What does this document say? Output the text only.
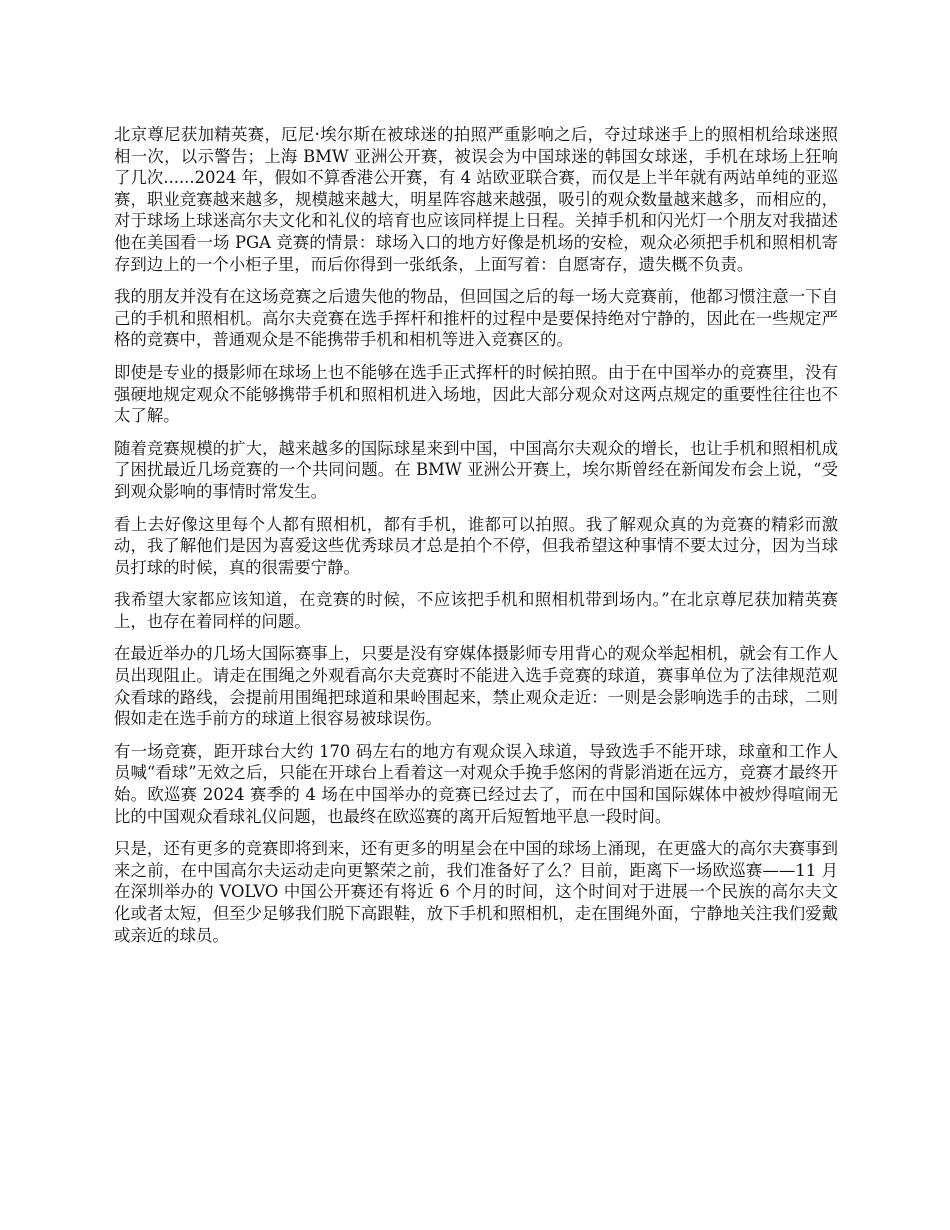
北京尊尼获加精英赛，厄尼·埃尔斯在被球迷的拍照严重影响之后，夺过球迷手上的照相机给球迷照相一次，以示警告；上海 BMW 亚洲公开赛，被误会为中国球迷的韩国女球迷，手机在球场上狂响了几次......2024 年，假如不算香港公开赛，有 4 站欧亚联合赛，而仅是上半年就有两站单纯的亚巡赛，职业竞赛越来越多，规模越来越大，明星阵容越来越强，吸引的观众数量越来越多，而相应的，对于球场上球迷高尔夫文化和礼仪的培育也应该同样提上日程。关掉手机和闪光灯一个朋友对我描述他在美国看一场 PGA 竞赛的情景：球场入口的地方好像是机场的安检，观众必须把手机和照相机寄存到边上的一个小柜子里，而后你得到一张纸条，上面写着：自愿寄存，遗失概不负责。

我的朋友并没有在这场竞赛之后遗失他的物品，但回国之后的每一场大竞赛前，他都习惯注意一下自己的手机和照相机。高尔夫竞赛在选手挥杆和推杆的过程中是要保持绝对宁静的，因此在一些规定严格的竞赛中，普通观众是不能携带手机和相机等进入竞赛区的。

即使是专业的摄影师在球场上也不能够在选手正式挥杆的时候拍照。由于在中国举办的竞赛里，没有强硬地规定观众不能够携带手机和照相机进入场地，因此大部分观众对这两点规定的重要性往往也不太了解。

随着竞赛规模的扩大，越来越多的国际球星来到中国，中国高尔夫观众的增长，也让手机和照相机成了困扰最近几场竞赛的一个共同问题。在 BMW 亚洲公开赛上，埃尔斯曾经在新闻发布会上说，“受到观众影响的事情时常发生。

看上去好像这里每个人都有照相机，都有手机，谁都可以拍照。我了解观众真的为竞赛的精彩而激动，我了解他们是因为喜爱这些优秀球员才总是拍个不停，但我希望这种事情不要太过分，因为当球员打球的时候，真的很需要宁静。

我希望大家都应该知道，在竞赛的时候，不应该把手机和照相机带到场内。”在北京尊尼获加精英赛上，也存在着同样的问题。

在最近举办的几场大国际赛事上，只要是没有穿媒体摄影师专用背心的观众举起相机，就会有工作人员出现阻止。请走在围绳之外观看高尔夫竞赛时不能进入选手竞赛的球道，赛事单位为了法律规范观众看球的路线，会提前用围绳把球道和果岭围起来，禁止观众走近：一则是会影响选手的击球，二则假如走在选手前方的球道上很容易被球误伤。

有一场竞赛，距开球台大约 170 码左右的地方有观众误入球道，导致选手不能开球，球童和工作人员喊“看球”无效之后，只能在开球台上看着这一对观众手挽手悠闲的背影消逝在远方，竞赛才最终开始。欧巡赛 2024 赛季的 4 场在中国举办的竞赛已经过去了，而在中国和国际媒体中被炒得喧闹无比的中国观众看球礼仪问题，也最终在欧巡赛的离开后短暂地平息一段时间。

只是，还有更多的竞赛即将到来，还有更多的明星会在中国的球场上涌现，在更盛大的高尔夫赛事到来之前，在中国高尔夫运动走向更繁荣之前，我们准备好了么？目前，距离下一场欧巡赛——11 月在深圳举办的 VOLVO 中国公开赛还有将近 6 个月的时间，这个时间对于进展一个民族的高尔夫文化或者太短，但至少足够我们脱下高跟鞋，放下手机和照相机，走在围绳外面，宁静地关注我们爱戴或亲近的球员。
